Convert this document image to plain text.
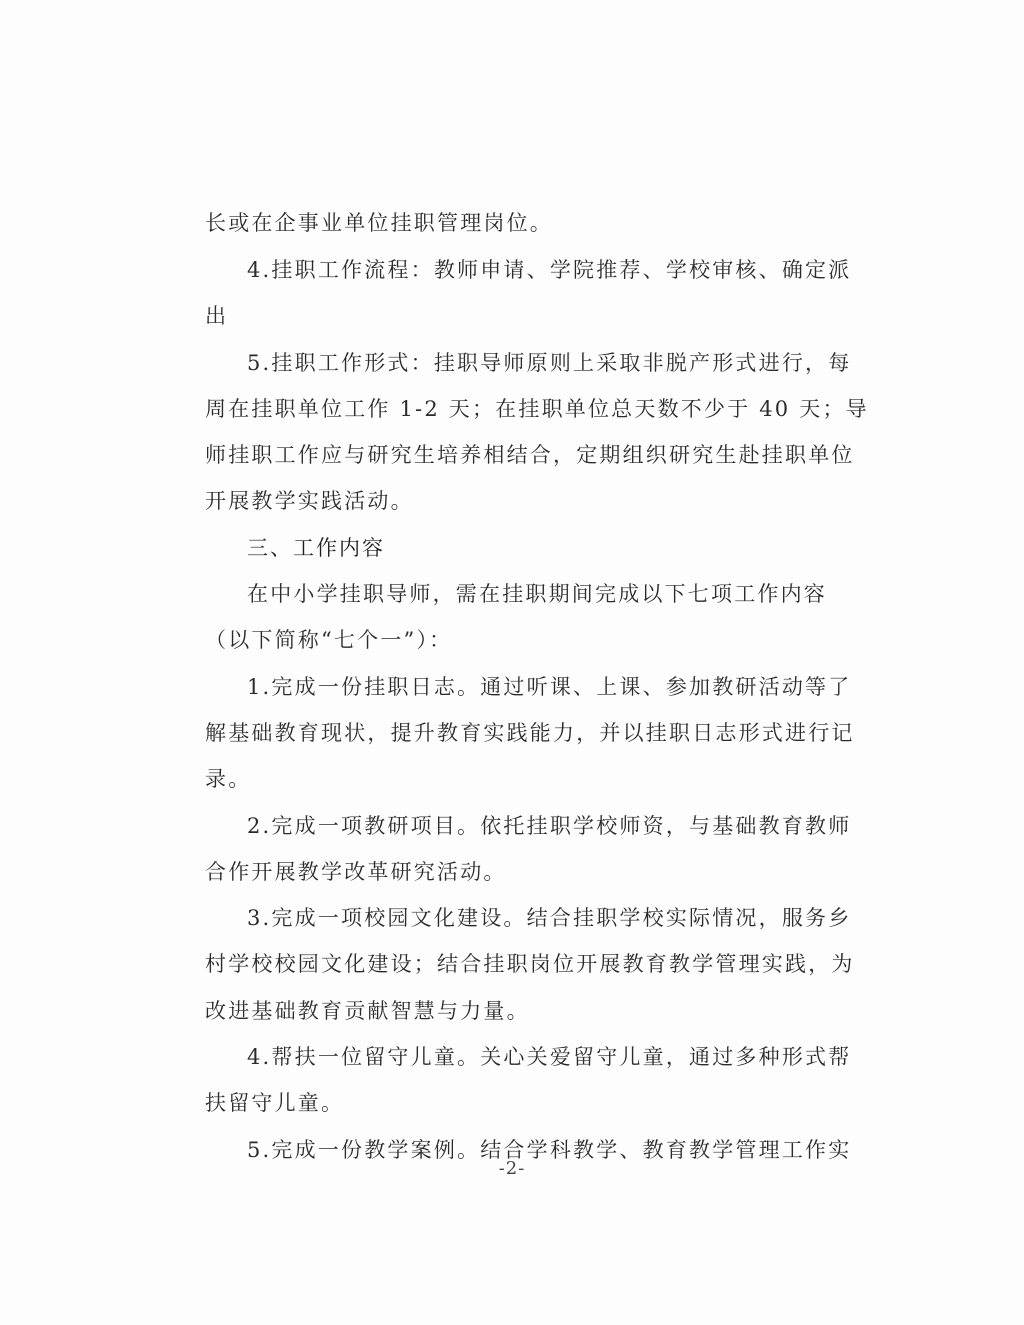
长或在企事业单位挂职管理岗位。
4.挂职工作流程：教师申请、学院推荐、学校审核、确定派
出
5.挂职工作形式：挂职导师原则上采取非脱产形式进行，每
周在挂职单位工作 1-2 天；在挂职单位总天数不少于 40 天；导
师挂职工作应与研究生培养相结合，定期组织研究生赴挂职单位
开展教学实践活动。
三、工作内容
在中小学挂职导师，需在挂职期间完成以下七项工作内容
（以下简称“七个一”）：
1.完成一份挂职日志。通过听课、上课、参加教研活动等了
解基础教育现状，提升教育实践能力，并以挂职日志形式进行记
录。
2.完成一项教研项目。依托挂职学校师资，与基础教育教师
合作开展教学改革研究活动。
3.完成一项校园文化建设。结合挂职学校实际情况，服务乡
村学校校园文化建设；结合挂职岗位开展教育教学管理实践，为
改进基础教育贡献智慧与力量。
4.帮扶一位留守儿童。关心关爱留守儿童，通过多种形式帮
扶留守儿童。
5.完成一份教学案例。结合学科教学、教育教学管理工作实
-2-
